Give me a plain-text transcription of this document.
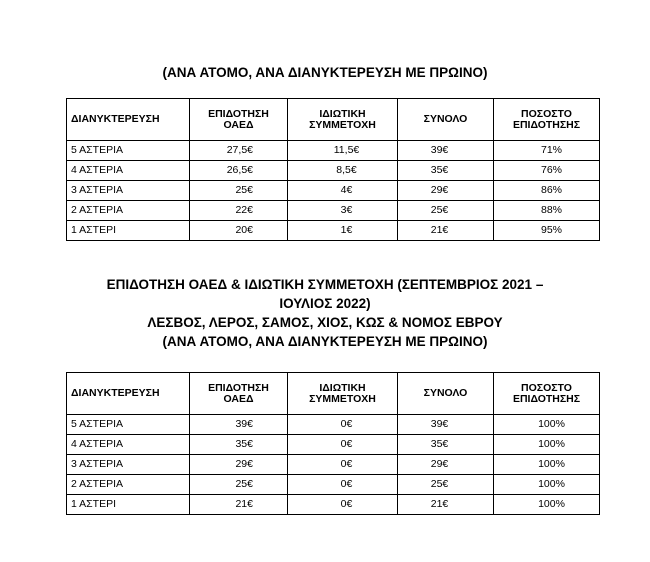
(ΑΝΑ ΑΤΟΜΟ, ΑΝΑ ΔΙΑΝΥΚΤΕΡΕΥΣΗ ΜΕ ΠΡΩΙΝΟ)
ΔΙΑΝΥΚΤΕΡΕΥΣΗ	ΕΠΙΔΟΤΗΣΗ ΟΑΕΔ	ΙΔΙΩΤΙΚΗ ΣΥΜΜΕΤΟΧΗ	ΣΥΝΟΛΟ	ΠΟΣΟΣΤΟ ΕΠΙΔΟΤΗΣΗΣ
5 ΑΣΤΕΡΙΑ	27,5€	11,5€	39€	71%
4 ΑΣΤΕΡΙΑ	26,5€	8,5€	35€	76%
3 ΑΣΤΕΡΙΑ	25€	4€	29€	86%
2 ΑΣΤΕΡΙΑ	22€	3€	25€	88%
1 ΑΣΤΕΡΙ	20€	1€	21€	95%
ΕΠΙΔΟΤΗΣΗ ΟΑΕΔ & ΙΔΙΩΤΙΚΗ ΣΥΜΜΕΤΟΧΗ (ΣΕΠΤΕΜΒΡΙΟΣ 2021 –
ΙΟΥΛΙΟΣ 2022)
ΛΕΣΒΟΣ, ΛΕΡΟΣ, ΣΑΜΟΣ, ΧΙΟΣ, ΚΩΣ & ΝΟΜΟΣ ΕΒΡΟΥ
(ΑΝΑ ΑΤΟΜΟ, ΑΝΑ ΔΙΑΝΥΚΤΕΡΕΥΣΗ ΜΕ ΠΡΩΙΝΟ)
ΔΙΑΝΥΚΤΕΡΕΥΣΗ	ΕΠΙΔΟΤΗΣΗ ΟΑΕΔ	ΙΔΙΩΤΙΚΗ ΣΥΜΜΕΤΟΧΗ	ΣΥΝΟΛΟ	ΠΟΣΟΣΤΟ ΕΠΙΔΟΤΗΣΗΣ
5 ΑΣΤΕΡΙΑ	39€	0€	39€	100%
4 ΑΣΤΕΡΙΑ	35€	0€	35€	100%
3 ΑΣΤΕΡΙΑ	29€	0€	29€	100%
2 ΑΣΤΕΡΙΑ	25€	0€	25€	100%
1 ΑΣΤΕΡΙ	21€	0€	21€	100%
